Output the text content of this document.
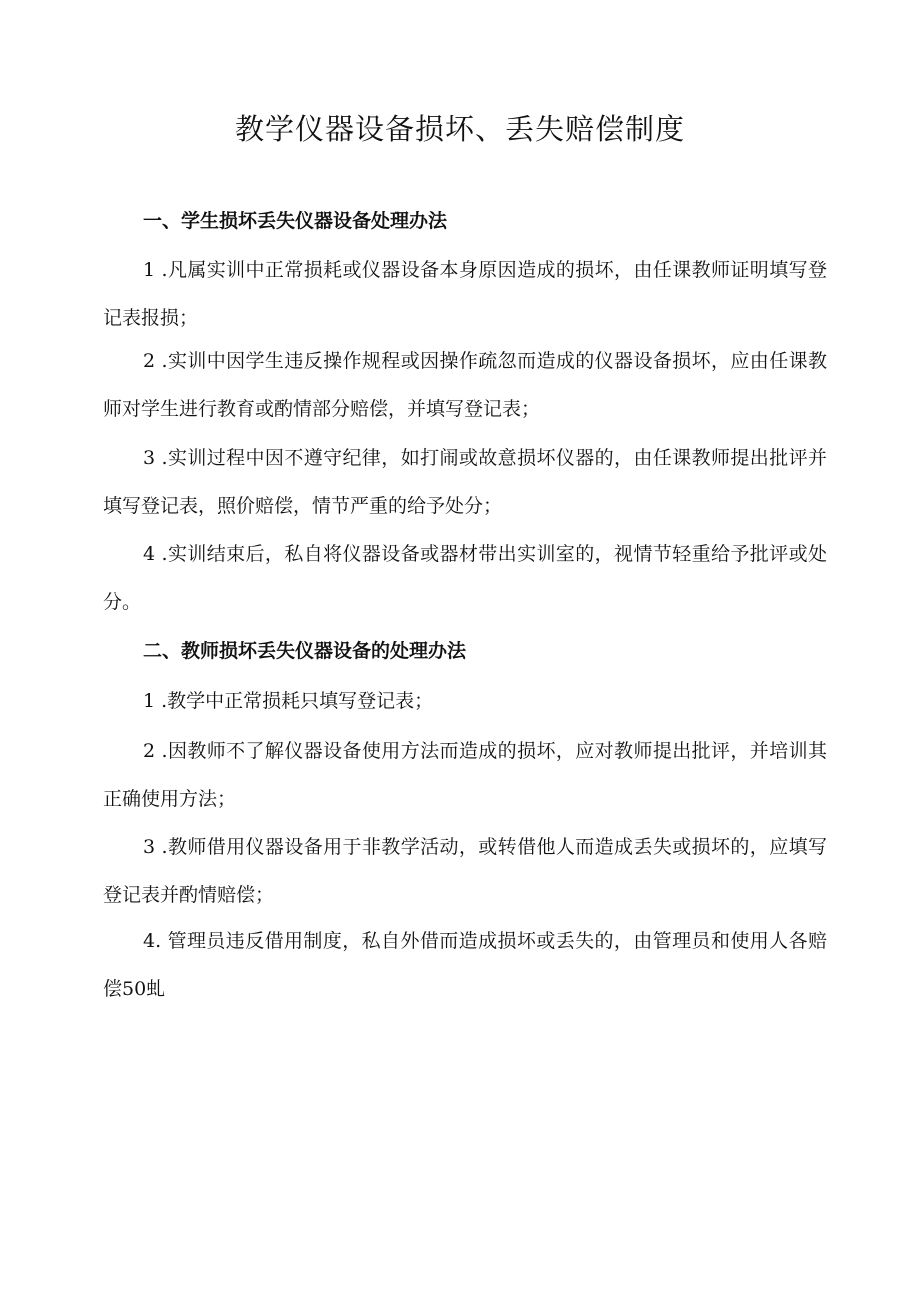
教学仪器设备损坏、丢失赔偿制度
一、学生损坏丢失仪器设备处理办法

1 .凡属实训中正常损耗或仪器设备本身原因造成的损坏，由任课教师证明填写登记表报损；

2 .实训中因学生违反操作规程或因操作疏忽而造成的仪器设备损坏，应由任课教师对学生进行教育或酌情部分赔偿，并填写登记表；

3 .实训过程中因不遵守纪律，如打闹或故意损坏仪器的，由任课教师提出批评并填写登记表，照价赔偿，情节严重的给予处分；

4 .实训结束后，私自将仪器设备或器材带出实训室的，视情节轻重给予批评或处分。

二、教师损坏丢失仪器设备的处理办法

1 .教学中正常损耗只填写登记表；

2 .因教师不了解仪器设备使用方法而造成的损坏，应对教师提出批评，并培训其正确使用方法；

3 .教师借用仪器设备用于非教学活动，或转借他人而造成丢失或损坏的，应填写登记表并酌情赔偿；

4. 管理员违反借用制度，私自外借而造成损坏或丢失的，由管理员和使用人各赔偿50虬
